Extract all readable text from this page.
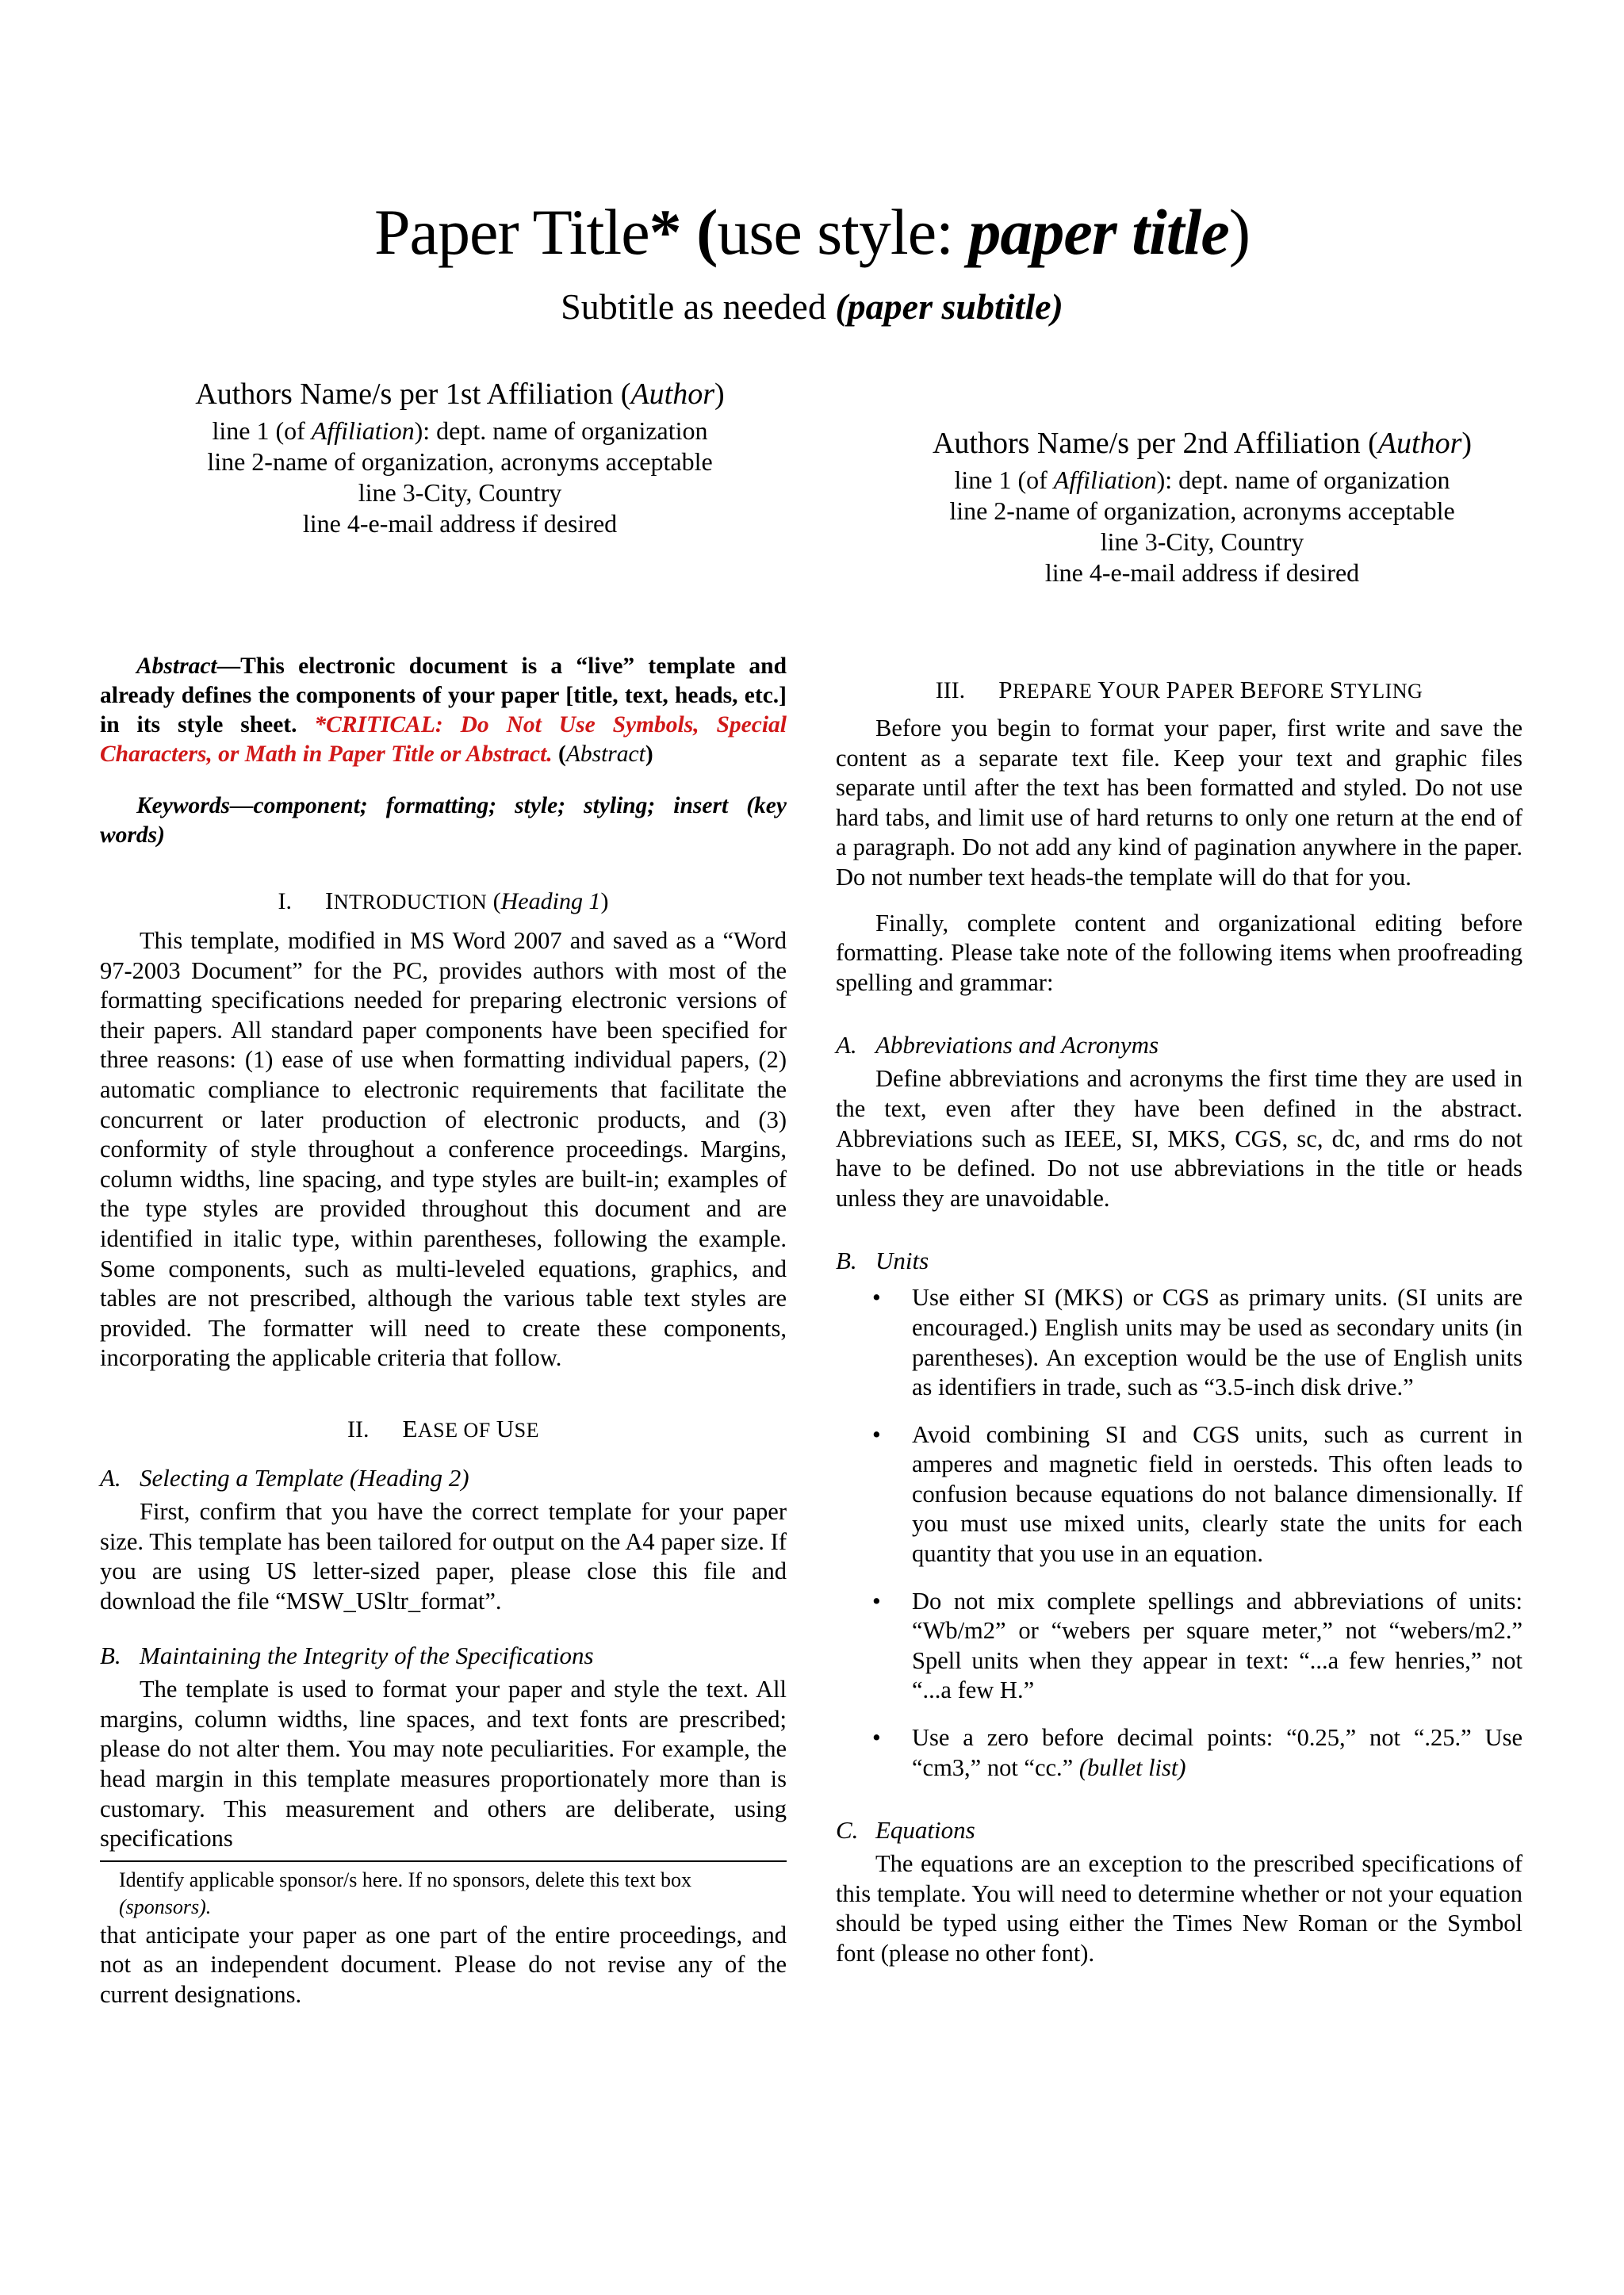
Paper Title* (use style: paper title)
Subtitle as needed (paper subtitle)
Authors Name/s per 1st Affiliation (Author)
line 1 (of Affiliation): dept. name of organization
line 2-name of organization, acronyms acceptable
line 3-City, Country
line 4-e-mail address if desired
Authors Name/s per 2nd Affiliation (Author)
line 1 (of Affiliation): dept. name of organization
line 2-name of organization, acronyms acceptable
line 3-City, Country
line 4-e-mail address if desired

Abstract—This electronic document is a “live” template and already defines the components of your paper [title, text, heads, etc.] in its style sheet. *CRITICAL: Do Not Use Symbols, Special Characters, or Math in Paper Title or Abstract. (Abstract)

Keywords—component; formatting; style; styling; insert (key words)

I. INTRODUCTION (Heading 1)

This template, modified in MS Word 2007 and saved as a “Word 97-2003 Document” for the PC, provides authors with most of the formatting specifications needed for preparing electronic versions of their papers. All standard paper components have been specified for three reasons: (1) ease of use when formatting individual papers, (2) automatic compliance to electronic requirements that facilitate the concurrent or later production of electronic products, and (3) conformity of style throughout a conference proceedings. Margins, column widths, line spacing, and type styles are built-in; examples of the type styles are provided throughout this document and are identified in italic type, within parentheses, following the example. Some components, such as multi-leveled equations, graphics, and tables are not prescribed, although the various table text styles are provided. The formatter will need to create these components, incorporating the applicable criteria that follow.

II. EASE OF USE
A. Selecting a Template (Heading 2)

First, confirm that you have the correct template for your paper size. This template has been tailored for output on the A4 paper size. If you are using US letter-sized paper, please close this file and download the file “MSW_USltr_format”.

B. Maintaining the Integrity of the Specifications

The template is used to format your paper and style the text. All margins, column widths, line spaces, and text fonts are prescribed; please do not alter them. You may note peculiarities. For example, the head margin in this template measures proportionately more than is customary. This measurement and others are deliberate, using specifications

Identify applicable sponsor/s here. If no sponsors, delete this text box (sponsors).

that anticipate your paper as one part of the entire proceedings, and not as an independent document. Please do not revise any of the current designations.

III. PREPARE YOUR PAPER BEFORE STYLING

Before you begin to format your paper, first write and save the content as a separate text file. Keep your text and graphic files separate until after the text has been formatted and styled. Do not use hard tabs, and limit use of hard returns to only one return at the end of a paragraph. Do not add any kind of pagination anywhere in the paper. Do not number text heads-the template will do that for you.

Finally, complete content and organizational editing before formatting. Please take note of the following items when proofreading spelling and grammar:

A. Abbreviations and Acronyms

Define abbreviations and acronyms the first time they are used in the text, even after they have been defined in the abstract. Abbreviations such as IEEE, SI, MKS, CGS, sc, dc, and rms do not have to be defined. Do not use abbreviations in the title or heads unless they are unavoidable.

B. Units
• Use either SI (MKS) or CGS as primary units. (SI units are encouraged.) English units may be used as secondary units (in parentheses). An exception would be the use of English units as identifiers in trade, such as “3.5-inch disk drive.”
• Avoid combining SI and CGS units, such as current in amperes and magnetic field in oersteds. This often leads to confusion because equations do not balance dimensionally. If you must use mixed units, clearly state the units for each quantity that you use in an equation.
• Do not mix complete spellings and abbreviations of units: “Wb/m2” or “webers per square meter,” not “webers/m2.” Spell units when they appear in text: “...a few henries,” not “...a few H.”
• Use a zero before decimal points: “0.25,” not “.25.” Use “cm3,” not “cc.” (bullet list)
C. Equations

The equations are an exception to the prescribed specifications of this template. You will need to determine whether or not your equation should be typed using either the Times New Roman or the Symbol font (please no other font).
